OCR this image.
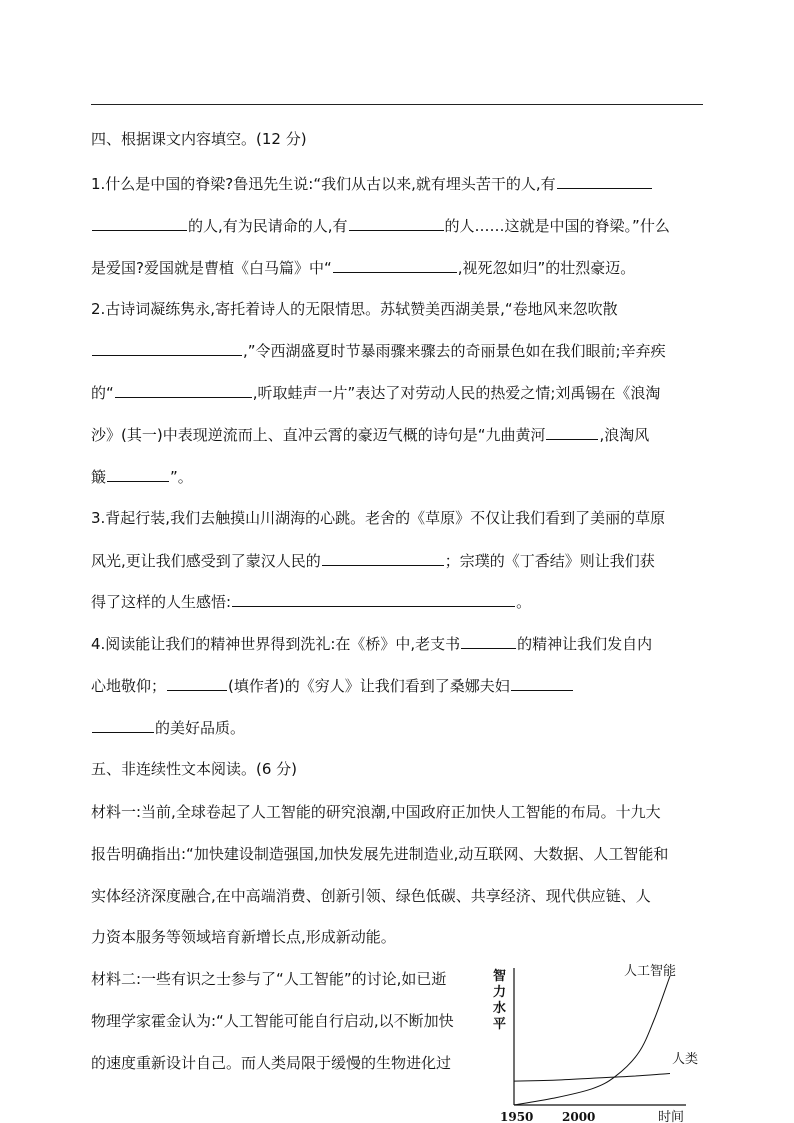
四、根据课文内容填空。(12 分)
1.什么是中国的脊梁?鲁迅先生说:“我们从古以来,就有埋头苦干的人,有
的人,有为民请命的人,有	的人……这就是中国的脊梁。”什么
是爱国?爱国就是曹植《白马篇》中“	,视死忽如归”的壮烈豪迈。
2.古诗词凝练隽永,寄托着诗人的无限情思。苏轼赞美西湖美景,“卷地风来忽吹散
,”令西湖盛夏时节暴雨骤来骤去的奇丽景色如在我们眼前;辛弃疾
的“	,听取蛙声一片”表达了对劳动人民的热爱之情;刘禹锡在《浪淘
沙》(其一)中表现逆流而上、直冲云霄的豪迈气概的诗句是“九曲黄河	,浪淘风
簸	”。
3.背起行装,我们去触摸山川湖海的心跳。老舍的《草原》不仅让我们看到了美丽的草原
风光,更让我们感受到了蒙汉人民的	；宗璞的《丁香结》则让我们获
得了这样的人生感悟:	。
4.阅读能让我们的精神世界得到洗礼:在《桥》中,老支书	的精神让我们发自内
心地敬仰；	(填作者)的《穷人》让我们看到了桑娜夫妇
的美好品质。
五、非连续性文本阅读。(6 分)
材料一:当前,全球卷起了人工智能的研究浪潮,中国政府正加快人工智能的布局。十九大
报告明确指出:“加快建设制造强国,加快发展先进制造业,动互联网、大数据、人工智能和
实体经济深度融合,在中高端消费、创新引领、绿色低碳、共享经济、现代供应链、人
力资本服务等领域培育新增长点,形成新动能。
材料二:一些有识之士参与了“人工智能”的讨论,如已逝
物理学家霍金认为:“人工智能可能自行启动,以不断加快
的速度重新设计自己。而人类局限于缓慢的生物进化过
智
力
水
平
1950 2000	时间
人工智能
人类
